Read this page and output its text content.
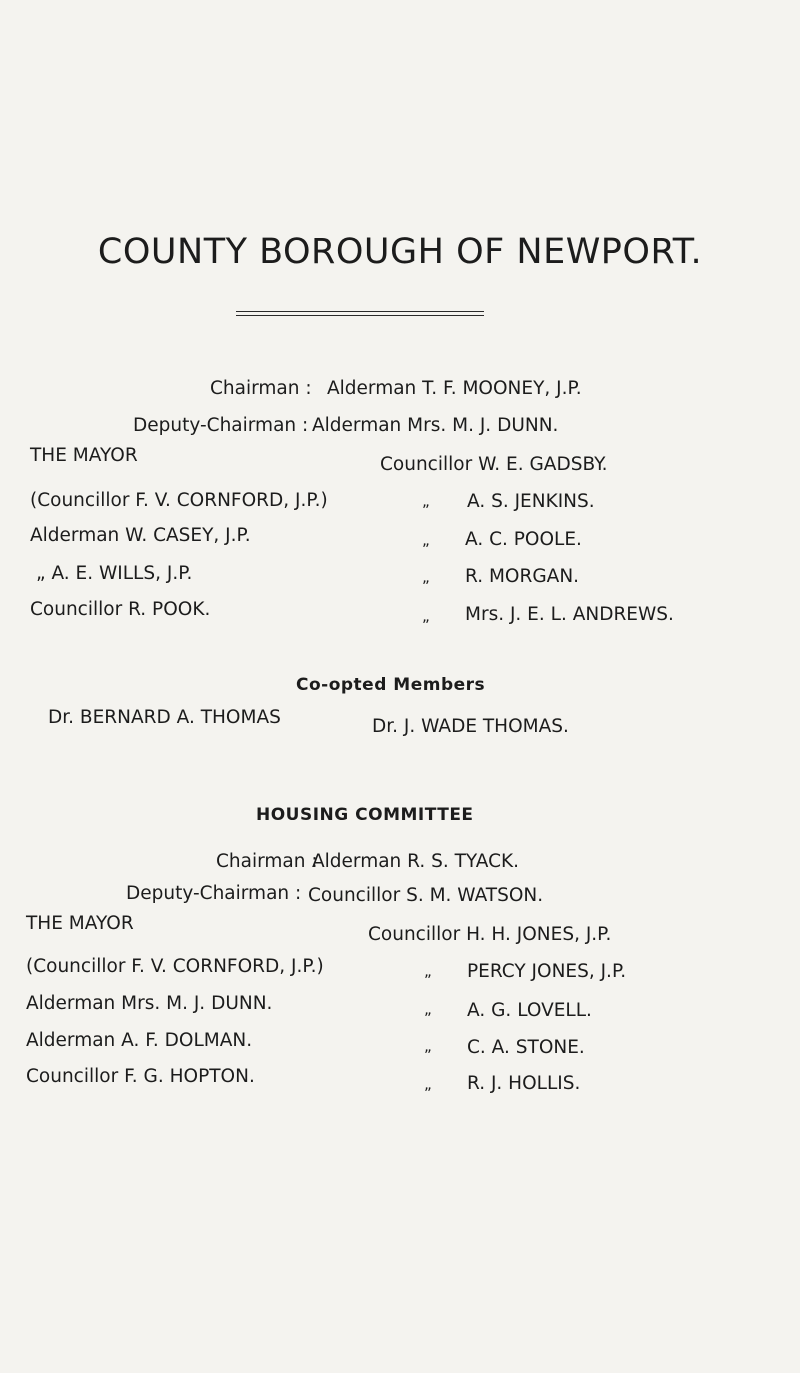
COUNTY BOROUGH OF NEWPORT.
Chairman : Alderman T. F. MOONEY, J.P.
Deputy-Chairman : Alderman Mrs. M. J. DUNN.
THE MAYOR
(Councillor F. V. CORNFORD, J.P.)
Alderman W. CASEY, J.P.
„ A. E. WILLS, J.P.
Councillor R. POOK.
Councillor W. E. GADSBY.
„ A. S. JENKINS.
„ A. C. POOLE.
„ R. MORGAN.
„ Mrs. J. E. L. ANDREWS.
Co-opted Members
Dr. BERNARD A. THOMAS	Dr. J. WADE THOMAS.
HOUSING COMMITTEE
Chairman :
Alderman R. S. TYACK.
Deputy-Chairman : Councillor S. M. WATSON.
THE MAYOR
(Councillor F. V. CORNFORD, J.P.)
Alderman Mrs. M. J. DUNN.
Alderman A. F. DOLMAN.
Councillor F. G. HOPTON.
Councillor H. H. JONES, J.P.
„ PERCY JONES, J.P.
„ A. G. LOVELL.
„ C. A. STONE.
„ R. J. HOLLIS.
